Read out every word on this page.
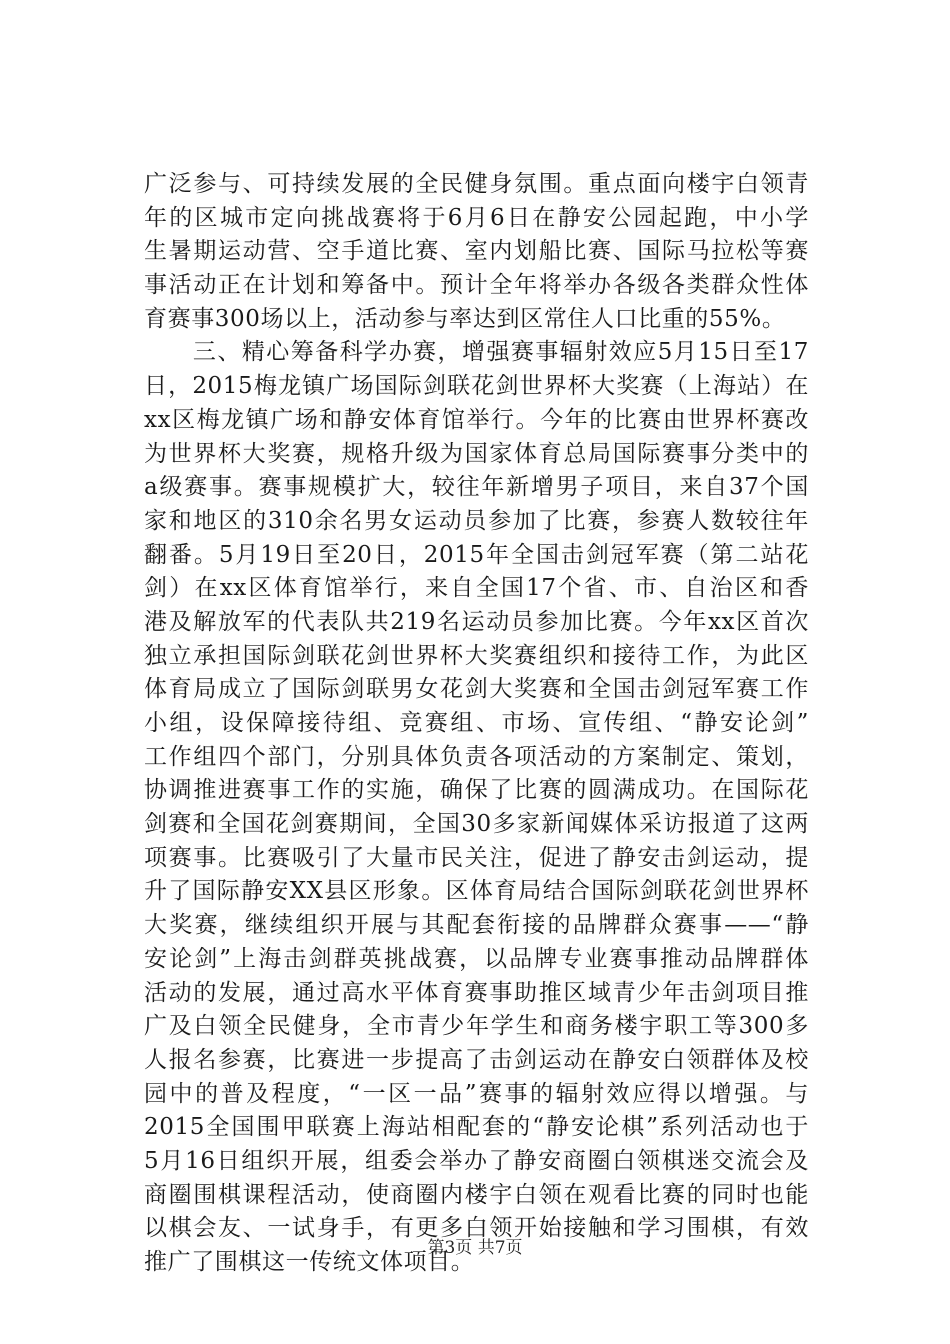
广泛参与、可持续发展的全民健身氛围。重点面向楼宇白领青
年的区城市定向挑战赛将于6月6日在静安公园起跑，中小学
生暑期运动营、空手道比赛、室内划船比赛、国际马拉松等赛
事活动正在计划和筹备中。预计全年将举办各级各类群众性体
育赛事300场以上，活动参与率达到区常住人口比重的55%。
　　三、精心筹备科学办赛，增强赛事辐射效应5月15日至17
日，2015梅龙镇广场国际剑联花剑世界杯大奖赛（上海站）在
xx区梅龙镇广场和静安体育馆举行。今年的比赛由世界杯赛改
为世界杯大奖赛，规格升级为国家体育总局国际赛事分类中的
a级赛事。赛事规模扩大，较往年新增男子项目，来自37个国
家和地区的310余名男女运动员参加了比赛，参赛人数较往年
翻番。5月19日至20日，2015年全国击剑冠军赛（第二站花
剑）在xx区体育馆举行，来自全国17个省、市、自治区和香
港及解放军的代表队共219名运动员参加比赛。今年xx区首次
独立承担国际剑联花剑世界杯大奖赛组织和接待工作，为此区
体育局成立了国际剑联男女花剑大奖赛和全国击剑冠军赛工作
小组，设保障接待组、竞赛组、市场、宣传组、“静安论剑”
工作组四个部门，分别具体负责各项活动的方案制定、策划，
协调推进赛事工作的实施，确保了比赛的圆满成功。在国际花
剑赛和全国花剑赛期间，全国30多家新闻媒体采访报道了这两
项赛事。比赛吸引了大量市民关注，促进了静安击剑运动，提
升了国际静安XX县区形象。区体育局结合国际剑联花剑世界杯
大奖赛，继续组织开展与其配套衔接的品牌群众赛事——“静
安论剑”上海击剑群英挑战赛，以品牌专业赛事推动品牌群体
活动的发展，通过高水平体育赛事助推区域青少年击剑项目推
广及白领全民健身，全市青少年学生和商务楼宇职工等300多
人报名参赛，比赛进一步提高了击剑运动在静安白领群体及校
园中的普及程度，“一区一品”赛事的辐射效应得以增强。与
2015全国围甲联赛上海站相配套的“静安论棋”系列活动也于
5月16日组织开展，组委会举办了静安商圈白领棋迷交流会及
商圈围棋课程活动，使商圈内楼宇白领在观看比赛的同时也能
以棋会友、一试身手，有更多白领开始接触和学习围棋，有效
推广了围棋这一传统文体项目。
第3页 共7页
